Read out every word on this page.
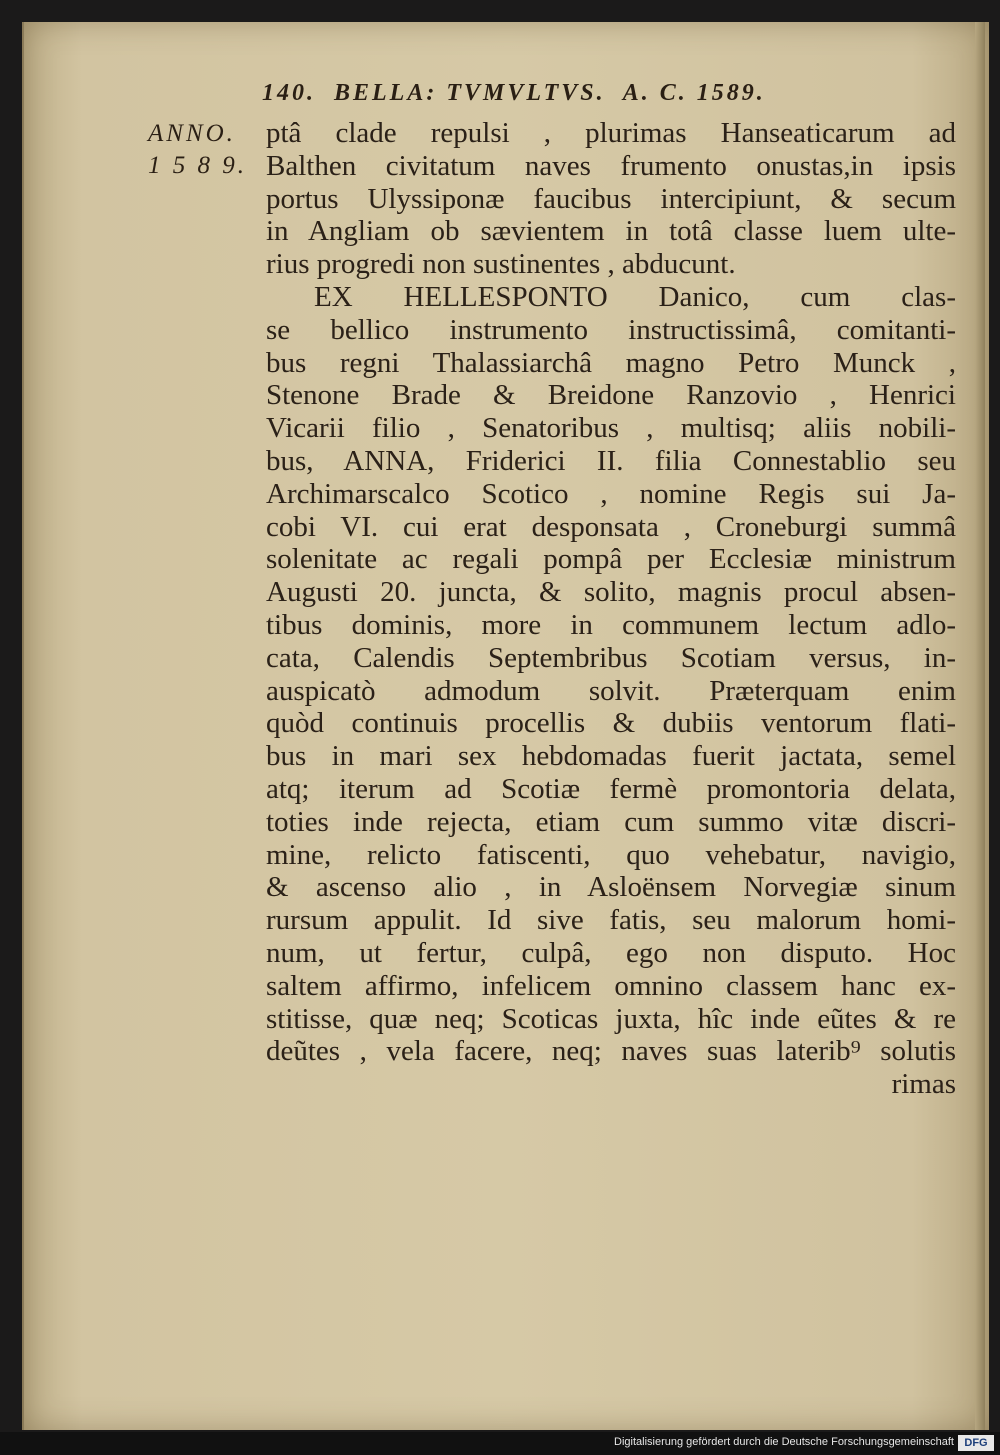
140.  BELLA: TVMVLTVS.  A. C. 1589.
ANNO.
1 5 8 9.
ptâ clade repulsi , plurimas Hanseaticarum ad
Balthen civitatum naves frumento onustas,in ipsis
portus Ulyssiponæ faucibus intercipiunt, & secum
in Angliam ob sævientem in totâ classe luem ulte-
rius progredi non sustinentes , abducunt.
EX HELLESPONTO Danico, cum clas-
se bellico instrumento instructissimâ, comitanti-
bus regni Thalassiarchâ magno Petro Munck ,
Stenone Brade & Breidone Ranzovio , Henrici
Vicarii filio , Senatoribus , multisq; aliis nobili-
bus, ANNA, Friderici II. filia Connestablio seu
Archimarscalco Scotico , nomine Regis sui Ja-
cobi VI. cui erat desponsata , Croneburgi summâ
solenitate ac regali pompâ per Ecclesiæ ministrum
Augusti 20. juncta, & solito, magnis procul absen-
tibus dominis, more in communem lectum adlo-
cata, Calendis Septembribus Scotiam versus, in-
auspicatò admodum solvit. Præterquam enim
quòd continuis procellis & dubiis ventorum flati-
bus in mari sex hebdomadas fuerit jactata, semel
atq; iterum ad Scotiæ fermè promontoria delata,
toties inde rejecta, etiam cum summo vitæ discri-
mine, relicto fatiscenti, quo vehebatur, navigio,
& ascenso alio , in Asloënsem Norvegiæ sinum
rursum appulit. Id sive fatis, seu malorum homi-
num, ut fertur, culpâ, ego non disputo. Hoc
saltem affirmo, infelicem omnino classem hanc ex-
stitisse, quæ neq; Scoticas juxta, hîc inde eũtes & re
deũtes , vela facere, neq; naves suas laterib⁹ solutis
rimas
Digitalisierung gefördert durch die Deutsche Forschungsgemeinschaft DFG
